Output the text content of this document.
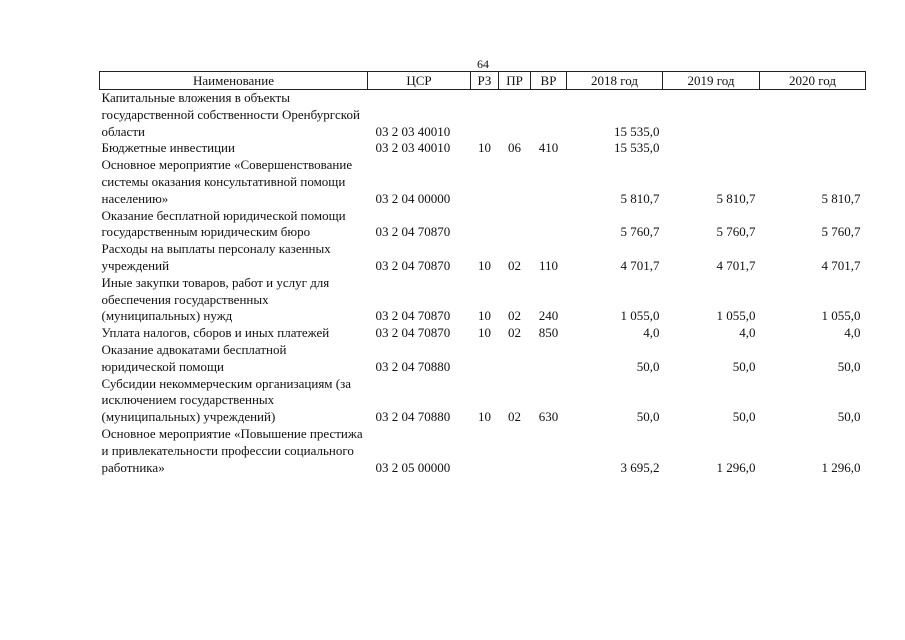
64
Наименование	ЦСР	РЗ	ПР	ВР	2018 год	2019 год	2020 год
Капитальные вложения в объекты государственной собственности Оренбургской области	03 2 03 40010				15 535,0		
Бюджетные инвестиции	03 2 03 40010	10	06	410	15 535,0		
Основное мероприятие «Совершенствование системы оказания консультативной помощи населению»	03 2 04 00000				5 810,7	5 810,7	5 810,7
Оказание бесплатной юридической помощи государственным юридическим бюро	03 2 04 70870				5 760,7	5 760,7	5 760,7
Расходы на выплаты персоналу казенных учреждений	03 2 04 70870	10	02	110	4 701,7	4 701,7	4 701,7
Иные закупки товаров, работ и услуг для обеспечения государственных (муниципальных) нужд	03 2 04 70870	10	02	240	1 055,0	1 055,0	1 055,0
Уплата налогов, сборов и иных платежей	03 2 04 70870	10	02	850	4,0	4,0	4,0
Оказание адвокатами бесплатной юридической помощи	03 2 04 70880				50,0	50,0	50,0
Субсидии некоммерческим организациям (за исключением государственных (муниципальных) учреждений)	03 2 04 70880	10	02	630	50,0	50,0	50,0
Основное мероприятие «Повышение престижа и привлекательности профессии социального работника»	03 2 05 00000				3 695,2	1 296,0	1 296,0
